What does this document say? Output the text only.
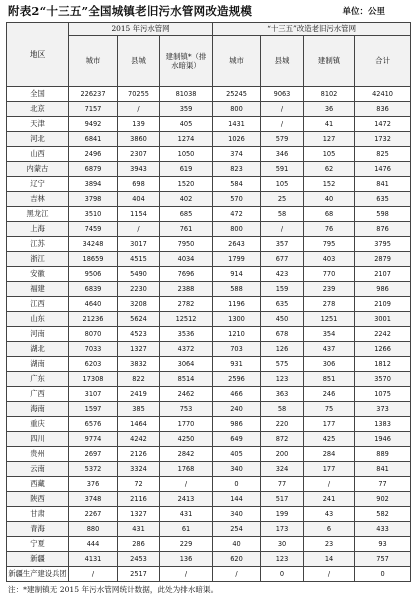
附表2“十三五”全国城镇老旧污水管网改造规模	单位：公里
地区	2015 年污水管网			“十三五”改造老旧污水管网			
	城市	县城	建制镇*（排水暗渠）	城市	县城	建制镇	合计
全国	226237	70255	81038	25245	9063	8102	42410
北京	7157	/	359	800	/	36	836
天津	9492	139	405	1431	/	41	1472
河北	6841	3860	1274	1026	579	127	1732
山西	2496	2307	1050	374	346	105	825
内蒙古	6879	3943	619	823	591	62	1476
辽宁	3894	698	1520	584	105	152	841
吉林	3798	404	402	570	25	40	635
黑龙江	3510	1154	685	472	58	68	598
上海	7459	/	761	800	/	76	876
江苏	34248	3017	7950	2643	357	795	3795
浙江	18659	4515	4034	1799	677	403	2879
安徽	9506	5490	7696	914	423	770	2107
福建	6839	2230	2388	588	159	239	986
江西	4640	3208	2782	1196	635	278	2109
山东	21236	5624	12512	1300	450	1251	3001
河南	8070	4523	3536	1210	678	354	2242
湖北	7033	1327	4372	703	126	437	1266
湖南	6203	3832	3064	931	575	306	1812
广东	17308	822	8514	2596	123	851	3570
广西	3107	2419	2462	466	363	246	1075
海南	1597	385	753	240	58	75	373
重庆	6576	1464	1770	986	220	177	1383
四川	9774	4242	4250	649	872	425	1946
贵州	2697	2126	2842	405	200	284	889
云南	5372	3324	1768	340	324	177	841
西藏	376	72	/	0	77	/	77
陕西	3748	2116	2413	144	517	241	902
甘肃	2267	1327	431	340	199	43	582
青海	880	431	61	254	173	6	433
宁夏	444	286	229	40	30	23	93
新疆	4131	2453	136	620	123	14	757
新疆生产建设兵团	/	2517	/	/	0	/	0
注：*建制镇无 2015 年污水管网统计数据，此处为排水暗渠。
